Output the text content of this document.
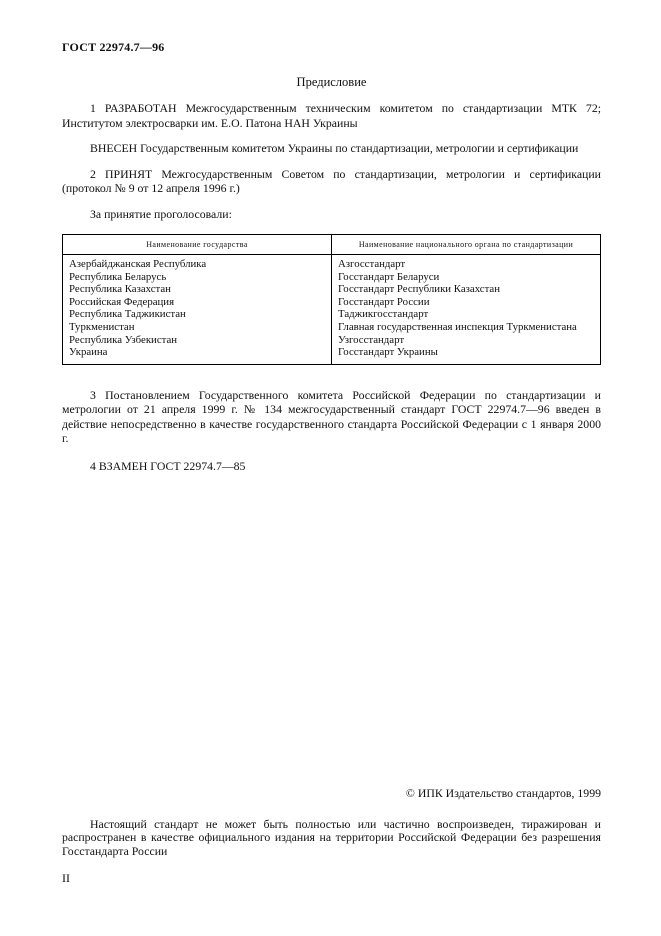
ГОСТ 22974.7—96
Предисловие

1 РАЗРАБОТАН Межгосударственным техническим комитетом по стандартизации МТК 72; Институтом электросварки им. Е.О. Патона НАН Украины

ВНЕСЕН Государственным комитетом Украины по стандартизации, метрологии и сертификации

2 ПРИНЯТ Межгосударственным Советом по стандартизации, метрологии и сертификации (протокол № 9 от 12 апреля 1996 г.)

За принятие проголосовали:

Наименование государства	Наименование национального органа по стандартизации
Азербайджанская Республика	Азгосстандарт
Республика Беларусь	Госстандарт Беларуси
Республика Казахстан	Госстандарт Республики Казахстан
Российская Федерация	Госстандарт России
Республика Таджикистан	Таджикгосстандарт
Туркменистан	Главная государственная инспекция Туркменистана
Республика Узбекистан	Узгосстандарт
Украина	Госстандарт Украины

3 Постановлением Государственного комитета Российской Федерации по стандартизации и метрологии от 21 апреля 1999 г. № 134 межгосударственный стандарт ГОСТ 22974.7—96 введен в действие непосредственно в качестве государственного стандарта Российской Федерации с 1 января 2000 г.

4 ВЗАМЕН ГОСТ 22974.7—85

© ИПК Издательство стандартов, 1999

Настоящий стандарт не может быть полностью или частично воспроизведен, тиражирован и распространен в качестве официального издания на территории Российской Федерации без разрешения Госстандарта России

II
